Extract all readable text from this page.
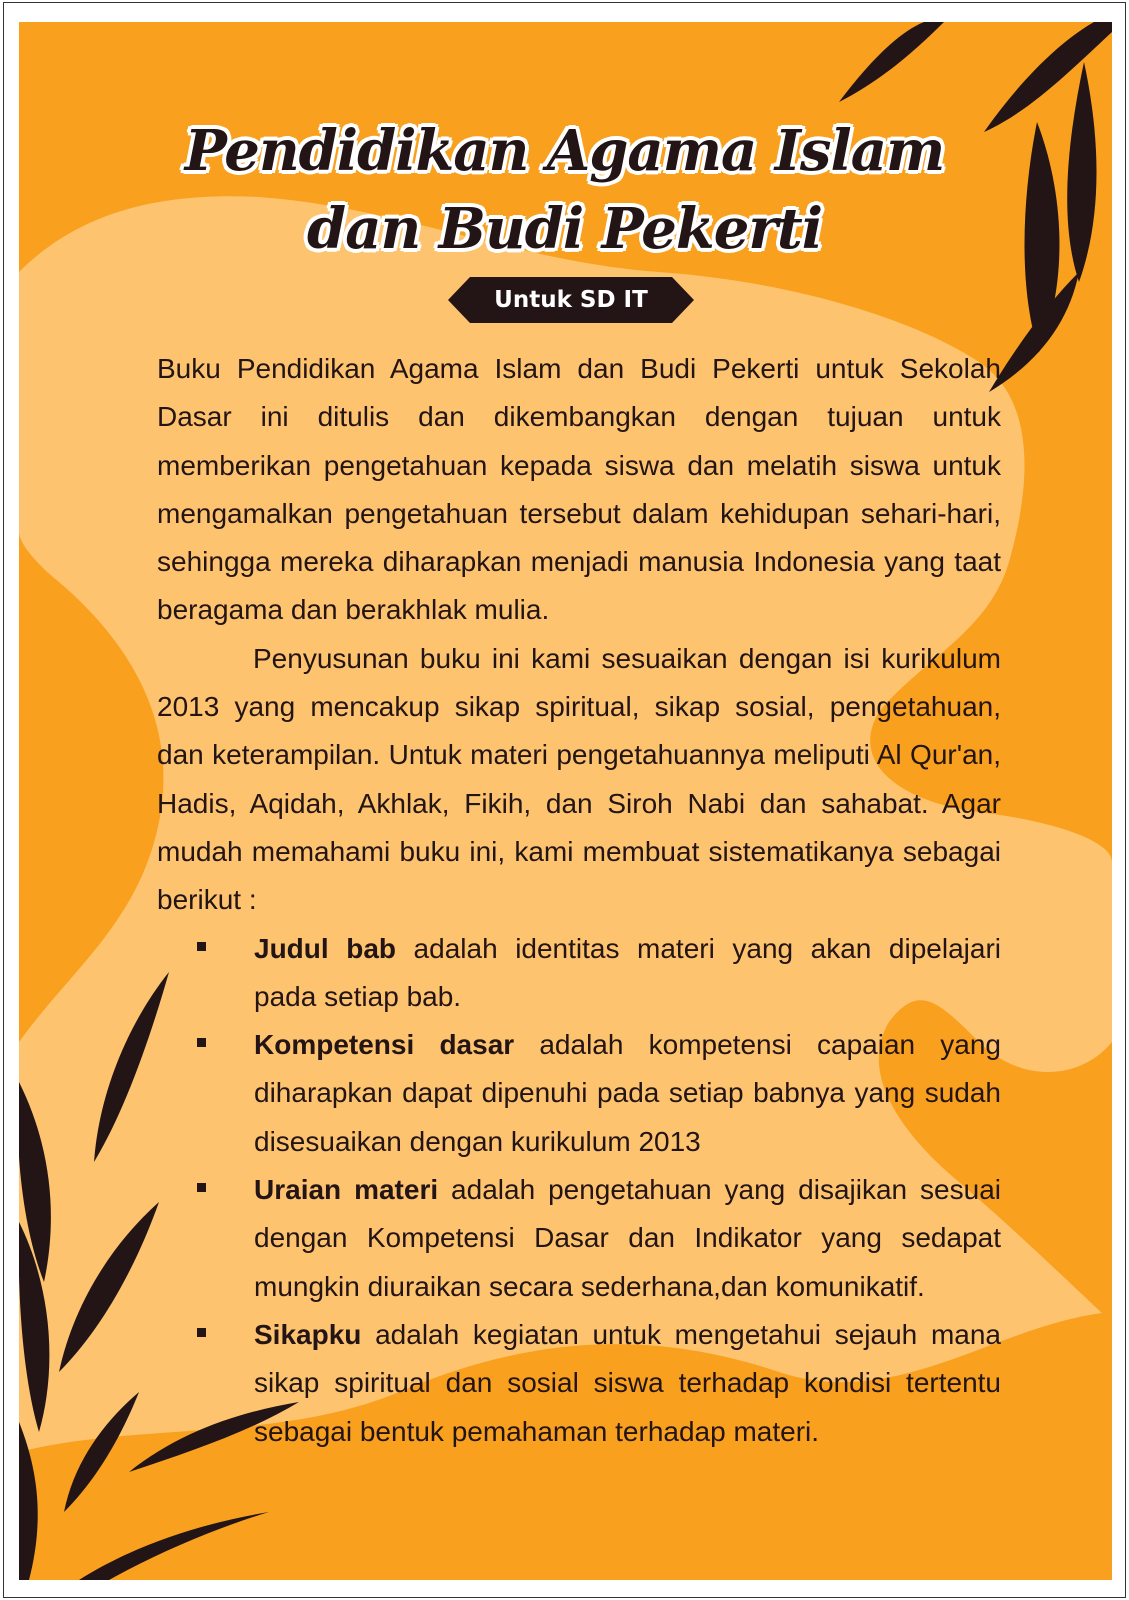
Pendidikan Agama Islam
dan Budi Pekerti
Untuk SD IT

Buku Pendidikan Agama Islam dan Budi Pekerti untuk Sekolah Dasar ini ditulis dan dikembangkan dengan tujuan untuk memberikan pengetahuan kepada siswa dan melatih siswa untuk mengamalkan pengetahuan tersebut dalam kehidupan sehari-hari, sehingga mereka diharapkan menjadi manusia Indonesia yang taat beragama dan berakhlak mulia.

Penyusunan buku ini kami sesuaikan dengan isi kurikulum 2013 yang mencakup sikap spiritual, sikap sosial, pengetahuan, dan keterampilan. Untuk materi pengetahuannya meliputi Al Qur'an, Hadis, Aqidah, Akhlak, Fikih, dan Siroh Nabi dan sahabat. Agar mudah memahami buku ini, kami membuat sistematikanya sebagai berikut :

Judul bab adalah identitas materi yang akan dipelajari pada setiap bab.
Kompetensi dasar adalah kompetensi capaian yang diharapkan dapat dipenuhi pada setiap babnya yang sudah disesuaikan dengan kurikulum 2013
Uraian materi adalah pengetahuan yang disajikan sesuai dengan Kompetensi Dasar dan Indikator yang sedapat mungkin diuraikan secara sederhana,dan komunikatif.
Sikapku adalah kegiatan untuk mengetahui sejauh mana sikap spiritual dan sosial siswa terhadap kondisi tertentu sebagai bentuk pemahaman terhadap materi.
